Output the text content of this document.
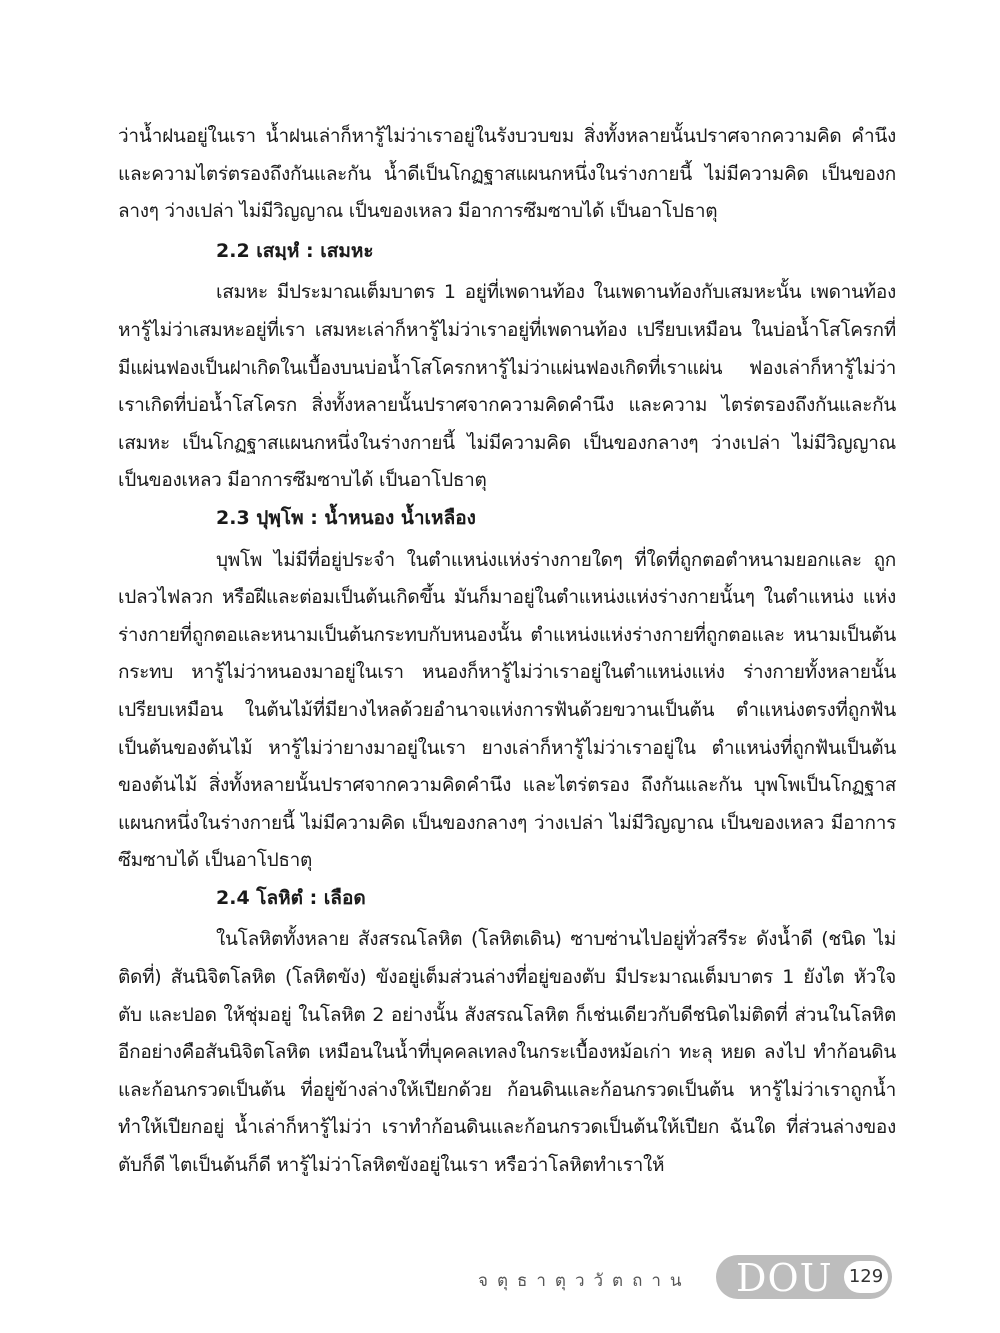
ว่าน้ำฝนอยู่ในเรา น้ำฝนเล่าก็หารู้ไม่ว่าเราอยู่ในรังบวบขม สิ่งทั้งหลายนั้นปราศจากความคิด คำนึง และความไตร่ตรองถึงกันและกัน น้ำดีเป็นโกฏฐาสแผนกหนึ่งในร่างกายนี้ ไม่มีความคิด เป็นของกลางๆ ว่างเปล่า ไม่มีวิญญาณ เป็นของเหลว มีอาการซึมซาบได้ เป็นอาโปธาตุ

2.2 เสมฺหํ : เสมหะ

เสมหะ มีประมาณเต็มบาตร 1 อยู่ที่เพดานท้อง ในเพดานท้องกับเสมหะนั้น เพดานท้องหารู้ไม่ว่าเสมหะอยู่ที่เรา เสมหะเล่าก็หารู้ไม่ว่าเราอยู่ที่เพดานท้อง เปรียบเหมือน ในบ่อน้ำโสโครกที่มีแผ่นฟองเป็นฝาเกิดในเบื้องบนบ่อน้ำโสโครกหารู้ไม่ว่าแผ่นฟองเกิดที่เราแผ่น ฟองเล่าก็หารู้ไม่ว่าเราเกิดที่บ่อน้ำโสโครก สิ่งทั้งหลายนั้นปราศจากความคิดคำนึง และความ ไตร่ตรองถึงกันและกัน เสมหะ เป็นโกฏฐาสแผนกหนึ่งในร่างกายนี้ ไม่มีความคิด เป็นของกลางๆ ว่างเปล่า ไม่มีวิญญาณ เป็นของเหลว มีอาการซึมซาบได้ เป็นอาโปธาตุ

2.3 ปุพฺโพ : น้ำหนอง น้ำเหลือง

บุพโพ ไม่มีที่อยู่ประจำ ในตำแหน่งแห่งร่างกายใดๆ ที่ใดที่ถูกตอตำหนามยอกและ ถูกเปลวไฟลวก หรือฝีและต่อมเป็นต้นเกิดขึ้น มันก็มาอยู่ในตำแหน่งแห่งร่างกายนั้นๆ ในตำแหน่ง แห่งร่างกายที่ถูกตอและหนามเป็นต้นกระทบกับหนองนั้น ตำแหน่งแห่งร่างกายที่ถูกตอและ หนามเป็นต้นกระทบ หารู้ไม่ว่าหนองมาอยู่ในเรา หนองก็หารู้ไม่ว่าเราอยู่ในตำแหน่งแห่ง ร่างกายทั้งหลายนั้น เปรียบเหมือน ในต้นไม้ที่มียางไหลด้วยอำนาจแห่งการฟันด้วยขวานเป็นต้น ตำแหน่งตรงที่ถูกฟันเป็นต้นของต้นไม้ หารู้ไม่ว่ายางมาอยู่ในเรา ยางเล่าก็หารู้ไม่ว่าเราอยู่ใน ตำแหน่งที่ถูกฟันเป็นต้นของต้นไม้ สิ่งทั้งหลายนั้นปราศจากความคิดคำนึง และไตร่ตรอง ถึงกันและกัน บุพโพเป็นโกฏฐาสแผนกหนึ่งในร่างกายนี้ ไม่มีความคิด เป็นของกลางๆ ว่างเปล่า ไม่มีวิญญาณ เป็นของเหลว มีอาการซึมซาบได้ เป็นอาโปธาตุ

2.4 โลหิตํ : เลือด

ในโลหิตทั้งหลาย สังสรณโลหิต (โลหิตเดิน) ซาบซ่านไปอยู่ทั่วสรีระ ดังน้ำดี (ชนิด ไม่ติดที่) สันนิจิตโลหิต (โลหิตขัง) ขังอยู่เต็มส่วนล่างที่อยู่ของตับ มีประมาณเต็มบาตร 1 ยังไต หัวใจ ตับ และปอด ให้ชุ่มอยู่ ในโลหิต 2 อย่างนั้น สังสรณโลหิต ก็เช่นเดียวกับดีชนิดไม่ติดที่ ส่วนในโลหิตอีกอย่างคือสันนิจิตโลหิต เหมือนในน้ำที่บุคคลเทลงในกระเบื้องหม้อเก่า ทะลุ หยด ลงไป ทำก้อนดินและก้อนกรวดเป็นต้น ที่อยู่ข้างล่างให้เปียกด้วย ก้อนดินและก้อนกรวดเป็นต้น หารู้ไม่ว่าเราถูกน้ำทำให้เปียกอยู่ น้ำเล่าก็หารู้ไม่ว่า เราทำก้อนดินและก้อนกรวดเป็นต้นให้เปียก ฉันใด ที่ส่วนล่างของตับก็ดี ไตเป็นต้นก็ดี หารู้ไม่ว่าโลหิตขังอยู่ในเรา หรือว่าโลหิตทำเราให้

จตุธาตุววัตถาน DOU 129
